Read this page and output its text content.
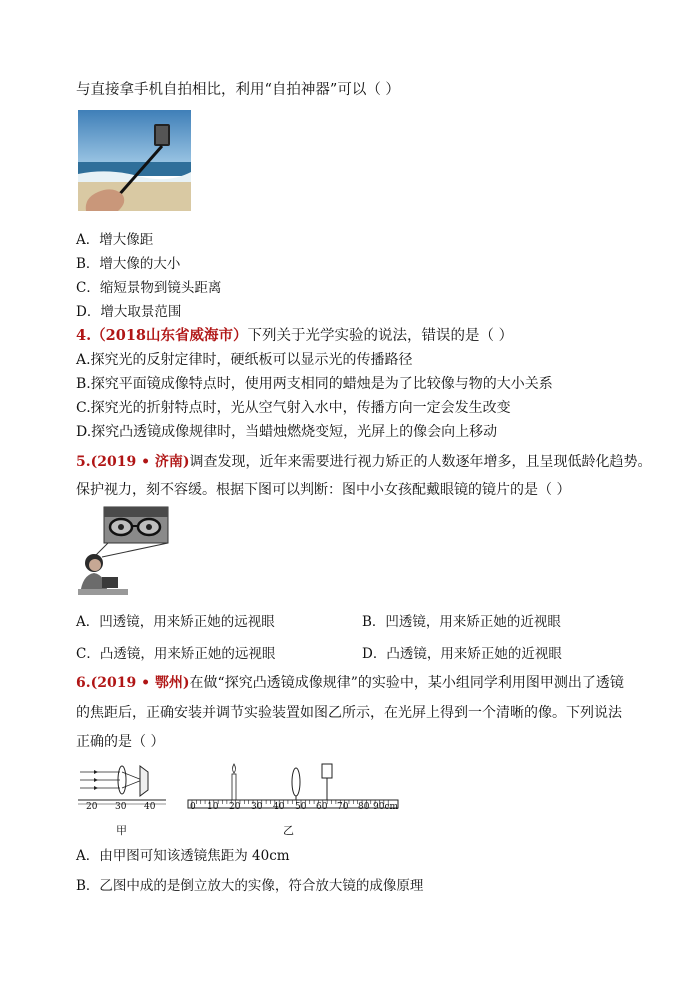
与直接拿手机自拍相比，利用“自拍神器”可以（ ）
A．增大像距
B．增大像的大小
C．缩短景物到镜头距离
D．增大取景范围
4.（2018山东省威海市）下列关于光学实验的说法，错误的是（ ）
A.探究光的反射定律时，硬纸板可以显示光的传播路径
B.探究平面镜成像特点时，使用两支相同的蜡烛是为了比较像与物的大小关系
C.探究光的折射特点时，光从空气射入水中，传播方向一定会发生改变
D.探究凸透镜成像规律时，当蜡烛燃烧变短，光屏上的像会向上移动
5.(2019 • 济南)调查发现，近年来需要进行视力矫正的人数逐年增多，且呈现低龄化趋势。
保护视力，刻不容缓。根据下图可以判断：图中小女孩配戴眼镜的镜片的是（ ）
A．凹透镜，用来矫正她的远视眼	B．凹透镜，用来矫正她的近视眼
C．凸透镜，用来矫正她的远视眼	D．凸透镜，用来矫正她的近视眼
6.(2019 • 鄂州)在做“探究凸透镜成像规律”的实验中，某小组同学利用图甲测出了透镜
的焦距后，正确安装并调节实验装置如图乙所示，在光屏上得到一个清晰的像。下列说法
正确的是（ ）
20 30 40
甲
0 10 20 30 40 50 60 70 80 90cm
乙
A．由甲图可知该透镜焦距为 40cm
B．乙图中成的是倒立放大的实像，符合放大镜的成像原理
